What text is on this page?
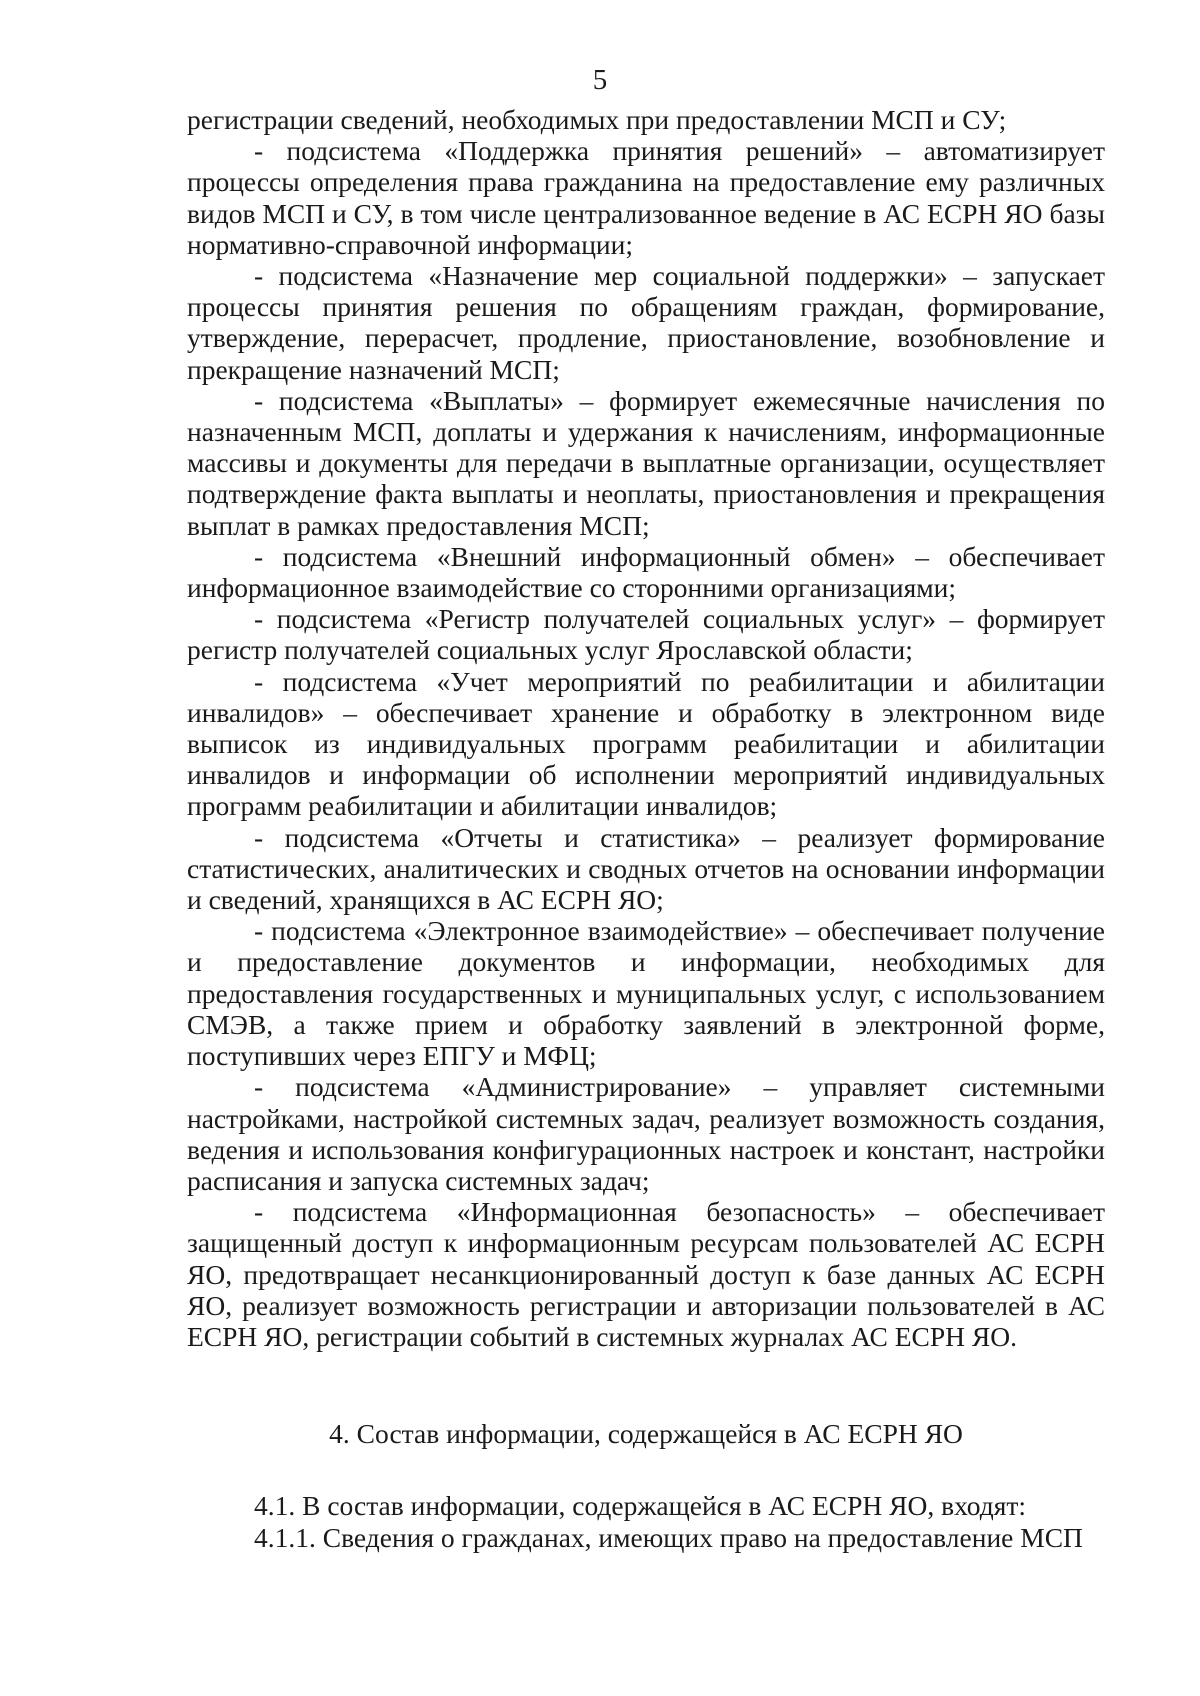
5

регистрации сведений, необходимых при предоставлении МСП и СУ;

- подсистема «Поддержка принятия решений» – автоматизирует процессы определения права гражданина на предоставление ему различных видов МСП и СУ, в том числе централизованное ведение в АС ЕСРН ЯО базы нормативно-справочной информации;

- подсистема «Назначение мер социальной поддержки» – запускает процессы принятия решения по обращениям граждан, формирование, утверждение, перерасчет, продление, приостановление, возобновление и прекращение назначений МСП;

- подсистема «Выплаты» – формирует ежемесячные начисления по назначенным МСП, доплаты и удержания к начислениям, информационные массивы и документы для передачи в выплатные организации, осуществляет подтверждение факта выплаты и неоплаты, приостановления и прекращения выплат в рамках предоставления МСП;

- подсистема «Внешний информационный обмен» – обеспечивает информационное взаимодействие со сторонними организациями;

- подсистема «Регистр получателей социальных услуг» – формирует регистр получателей социальных услуг Ярославской области;

- подсистема «Учет мероприятий по реабилитации и абилитации инвалидов» – обеспечивает хранение и обработку в электронном виде выписок из индивидуальных программ реабилитации и абилитации инвалидов и информации об исполнении мероприятий индивидуальных программ реабилитации и абилитации инвалидов;

- подсистема «Отчеты и статистика» – реализует формирование статистических, аналитических и сводных отчетов на основании информации и сведений, хранящихся в АС ЕСРН ЯО;

- подсистема «Электронное взаимодействие» – обеспечивает получение и предоставление документов и информации, необходимых для предоставления государственных и муниципальных услуг, с использованием СМЭВ, а также прием и обработку заявлений в электронной форме, поступивших через ЕПГУ и МФЦ;

- подсистема «Администрирование» – управляет системными настройками, настройкой системных задач, реализует возможность создания, ведения и использования конфигурационных настроек и констант, настройки расписания и запуска системных задач;

- подсистема «Информационная безопасность» – обеспечивает защищенный доступ к информационным ресурсам пользователей АС ЕСРН ЯО, предотвращает несанкционированный доступ к базе данных АС ЕСРН ЯО, реализует возможность регистрации и авторизации пользователей в АС ЕСРН ЯО, регистрации событий в системных журналах АС ЕСРН ЯО.

4. Состав информации, содержащейся в АС ЕСРН ЯО

4.1. В состав информации, содержащейся в АС ЕСРН ЯО, входят:

4.1.1. Сведения о гражданах, имеющих право на предоставление МСП
